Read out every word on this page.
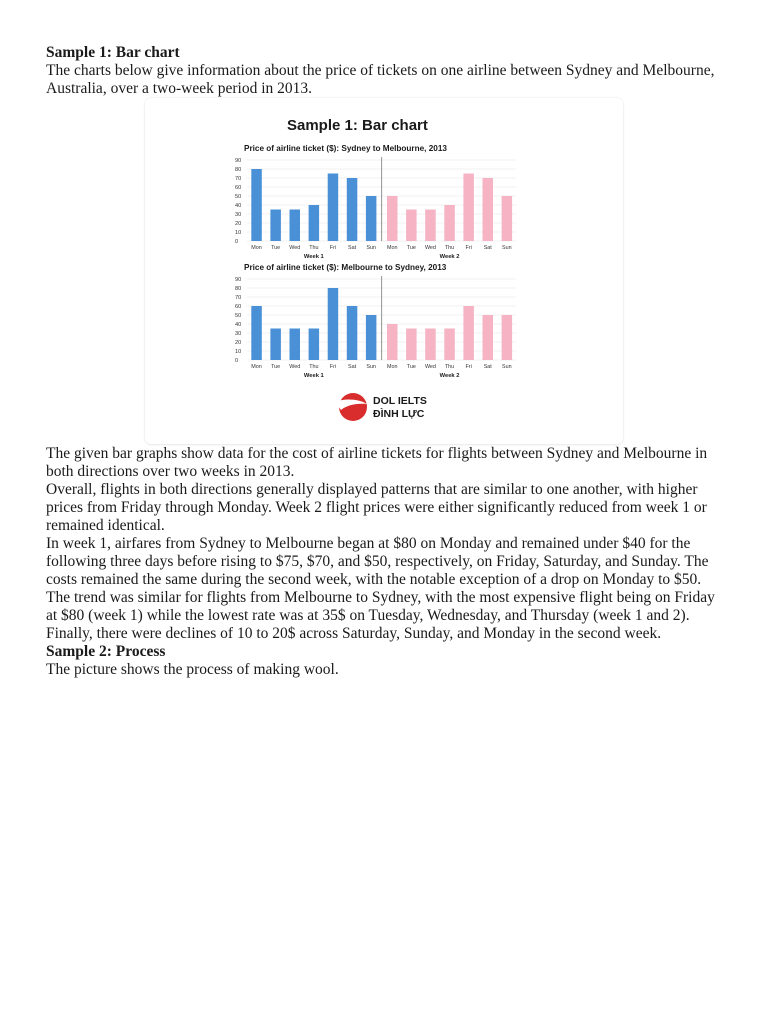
Sample 1: Bar chart

The charts below give information about the price of tickets on one airline between Sydney and Melbourne, Australia, over a two-week period in 2013.

Sample 1: Bar chart
Price of airline ticket ($): Sydney to Melbourne, 2013
0
10
20
30
40
50
60
70
80
90
Mon Tue Wed Thu Fri Sat Sun
Week 1
Mon Tue Wed Thu Fri Sat Sun
Week 2
Price of airline ticket ($): Melbourne to Sydney, 2013
0
10
20
30
40
50
60
70
80
90
Mon Tue Wed Thu Fri Sat Sun
Week 1
Mon Tue Wed Thu Fri Sat Sun
Week 2
DOL IELTS
ĐÌNH LỰC

The given bar graphs show data for the cost of airline tickets for flights between Sydney and Melbourne in both directions over two weeks in 2013.

Overall, flights in both directions generally displayed patterns that are similar to one another, with higher prices from Friday through Monday. Week 2 flight prices were either significantly reduced from week 1 or remained identical.

In week 1, airfares from Sydney to Melbourne began at $80 on Monday and remained under $40 for the following three days before rising to $75, $70, and $50, respectively, on Friday, Saturday, and Sunday. The costs remained the same during the second week, with the notable exception of a drop on Monday to $50.

The trend was similar for flights from Melbourne to Sydney, with the most expensive flight being on Friday at $80 (week 1) while the lowest rate was at 35$ on Tuesday, Wednesday, and Thursday (week 1 and 2). Finally, there were declines of 10 to 20$ across Saturday, Sunday, and Monday in the second week.

Sample 2: Process

The picture shows the process of making wool.
